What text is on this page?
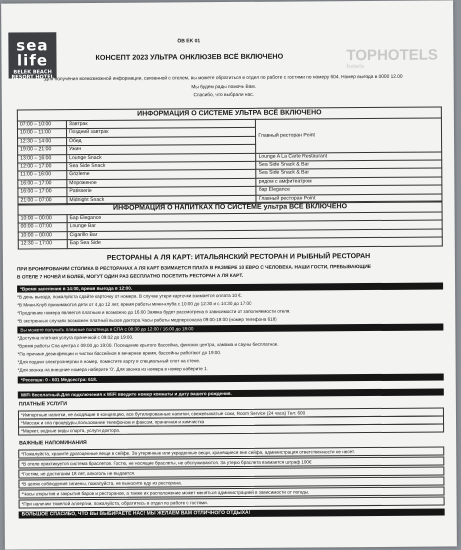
sea
life
BELEK BEACH RESORT HOTEL
ÖB EK 01
КОНСЕПТ 2023 УЛЬТРА ОНКЛЮЗЕВ ВСЁ ВКЛЮЧЕНО	TOPHOTELS
hotels
Для получения всевозможной информации, связанной с отелем, вы можете обратиться в отдел по работе с гостями по номеру 604. Номер выезда в 0000 12.00
Мы будем рады помочь Вам.
Спасибо, что выбрали нас.
ИНФОРМАЦИЯ О СИСТЕМЕ УЛЬТРА ВСЁ ВКЛЮЧЕНО		
07:00 – 10:00	Завтрак	Главный ресторан Point
10:00 – 11:00	Поздний завтрак	
12:30 – 14:00	Обед	
19:00 – 21:00	Ужин	
13:00 – 16:00	Lounge Snack	Lounge A La Carte Restaurant
12:00 – 17:00	Sea Side Snack	Sea Side Snack & Bar
11:00 – 16:00	Gözleme	Sea Side Snack & Bar
16:00 – 17:00	Мороженое	рядом с амфитеатром
16:00 – 17:00	Patisserie	бар Elegance
21:00 – 07:00	Midnight Snack	Главный ресторан Point
ИНФОРМАЦИЯ О НАПИТКАХ ПО СИСТЕМЕ ультра ВСЁ ВКЛЮЧЕНО	
10:00 – 00:00	Бар Elegance
00:00 – 07:00	Lounge Bar
10:00 – 00:00	Cigarillo Bar
12:30 – 17:00	Бар Sea Side
РЕСТОРАНЫ А ЛЯ КАРТ: ИТАЛЬЯНСКИЙ РЕСТОРАН И РЫБНЫЙ РЕСТОРАН
ПРИ БРОНИРОВАНИИ СТОЛИКА В РЕСТОРАНАХ А ЛЯ КАРТ ВЗИМАЕТСЯ ПЛАТА В РАЗМЕРЕ 10 ЕВРО С ЧЕЛОВЕКА. НАШИ ГОСТИ, ПРЕБЫВАЮЩИЕ
В ОТЕЛЕ 7 НОЧЕЙ И БОЛЕЕ, МОГУТ ОДИН РАЗ БЕСПЛАТНО ПОСЕТИТЬ РЕСТОРАН А ЛЯ КАРТ.
*Время заселения в 14:00, время выезда в 12:00.
*В день выезда, пожалуйста сдайте карточку от номера. В случае утери карточки взимается оплата 10 €.
*В Мини-Клуб принимаются дети от 4 до 12 лет, время работы мини-клуба с 10:00 до 12:30 и с 14:30 до 17:00
*Продление номера является платным и возможно до 16:00 Заявка будет рассмотрена в зависимости от заполняемости отеля.
*В экстренных случаях возможен платный вызов доктора.Часы работы медперсонала 09:00-18:00 (номер телефона 618)
Вы можете получить пляжные полотенца в СПА с 08:30 до 12:00 / 16:00 до 18:00
*Доступна платная услуга прачечной с 09:02 до 19:00.
*Время работы Спа центра с 09:00 до 19:00. Посещение крытого бассейна, финских центра, хамама и сауны бесплатное.
*По причине дезинфекции и чистки бассейнов в вечернее время, бассейны работают до 19:00.
*Для подачи электроэнергии в номер, поместите карту в специальный слот на стене.
*Для звонка на внешние номера наберите '0'. Для звонка из номера в номер наберите 1.
*Ресепшн: 0 - 601 Медсестра: 618.
WiFi бесплатный.Для подключения к WiFi введите номер комнаты и дату вашего рождения.
ПЛАТНЫЕ УСЛУГИ
*Импортные напитки, не входящие в концепцию, все бутилированные напитки, свежевыжатые соки, Room Service (24 часа) Тел: 600
*Массаж и спа процедуры,пользование телефоном и факсом, прачечная и химчистка
*Маркет, водные виды спорта, услуги доктора.
ВАЖНЫЕ НАПОМИНАНИЯ
*Пожалуйста, храните драгоценные вещи в сейфе. За утерянные или украденные вещи, хранящиеся вне сейфа, администрация ответственности не несет.
*В отеле практикуется система браслетов. Гостю, не носящие браслеты, не обслуживаются. За утерю браслета взимается штраф 100€
*Гостям, не достигшим 18 лет, алкоголь не выдается.
*В целях соблюдения гигиены, пожалуйста, не выносите еду из ресторана.
*Часы открытия и закрытия баров и ресторанов, а также их расположение может меняться администрацией в зависимости от погоды.
*При наличии тяжелой аллергии, пожалуйста, обратитесь в отдел по работе с гостями.
БОЛЬШОЕ СПАСИБО, ЧТО ВЫ ВЫБИРАЕТЕ НАС! МЫ ЖЕЛАЕМ ВАМ ОТЛИЧНОГО ОТДЫХА!
